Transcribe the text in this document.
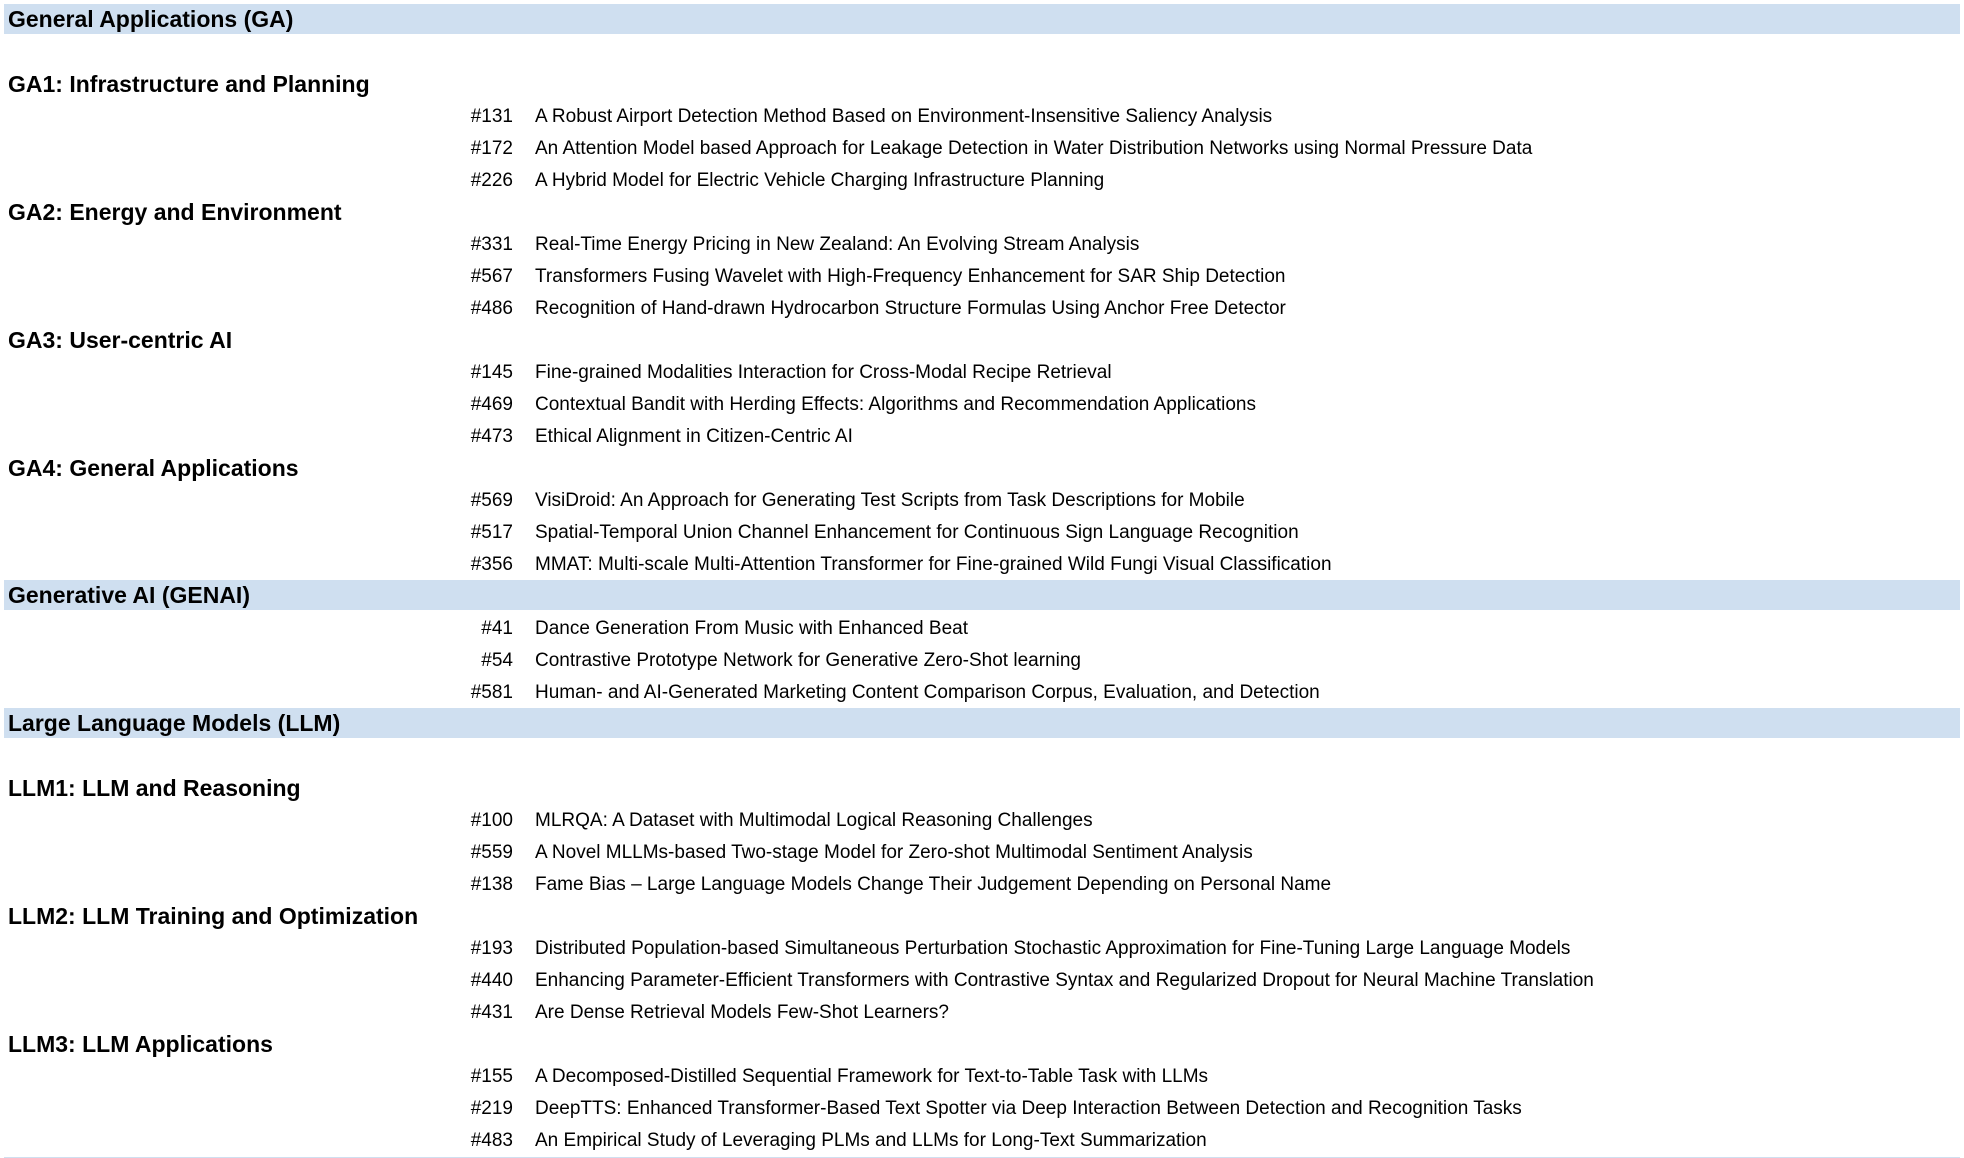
General Applications (GA)
GA1: Infrastructure and Planning
#131 A Robust Airport Detection Method Based on Environment-Insensitive Saliency Analysis
#172 An Attention Model based Approach for Leakage Detection in Water Distribution Networks using Normal Pressure Data
#226 A Hybrid Model for Electric Vehicle Charging Infrastructure Planning
GA2: Energy and Environment
#331 Real-Time Energy Pricing in New Zealand: An Evolving Stream Analysis
#567 Transformers Fusing Wavelet with High-Frequency Enhancement for SAR Ship Detection
#486 Recognition of Hand-drawn Hydrocarbon Structure Formulas Using Anchor Free Detector
GA3: User-centric AI
#145 Fine-grained Modalities Interaction for Cross-Modal Recipe Retrieval
#469 Contextual Bandit with Herding Effects: Algorithms and Recommendation Applications
#473 Ethical Alignment in Citizen-Centric AI
GA4: General Applications
#569 VisiDroid: An Approach for Generating Test Scripts from Task Descriptions for Mobile
#517 Spatial-Temporal Union Channel Enhancement for Continuous Sign Language Recognition
#356 MMAT: Multi-scale Multi-Attention Transformer for Fine-grained Wild Fungi Visual Classification
Generative AI (GENAI)
#41 Dance Generation From Music with Enhanced Beat
#54 Contrastive Prototype Network for Generative Zero-Shot learning
#581 Human- and AI-Generated Marketing Content Comparison Corpus, Evaluation, and Detection
Large Language Models (LLM)
LLM1: LLM and Reasoning
#100 MLRQA: A Dataset with Multimodal Logical Reasoning Challenges
#559 A Novel MLLMs-based Two-stage Model for Zero-shot Multimodal Sentiment Analysis
#138 Fame Bias – Large Language Models Change Their Judgement Depending on Personal Name
LLM2: LLM Training and Optimization
#193 Distributed Population-based Simultaneous Perturbation Stochastic Approximation for Fine-Tuning Large Language Models
#440 Enhancing Parameter-Efficient Transformers with Contrastive Syntax and Regularized Dropout for Neural Machine Translation
#431 Are Dense Retrieval Models Few-Shot Learners?
LLM3: LLM Applications
#155 A Decomposed-Distilled Sequential Framework for Text-to-Table Task with LLMs
#219 DeepTTS: Enhanced Transformer-Based Text Spotter via Deep Interaction Between Detection and Recognition Tasks
#483 An Empirical Study of Leveraging PLMs and LLMs for Long-Text Summarization
